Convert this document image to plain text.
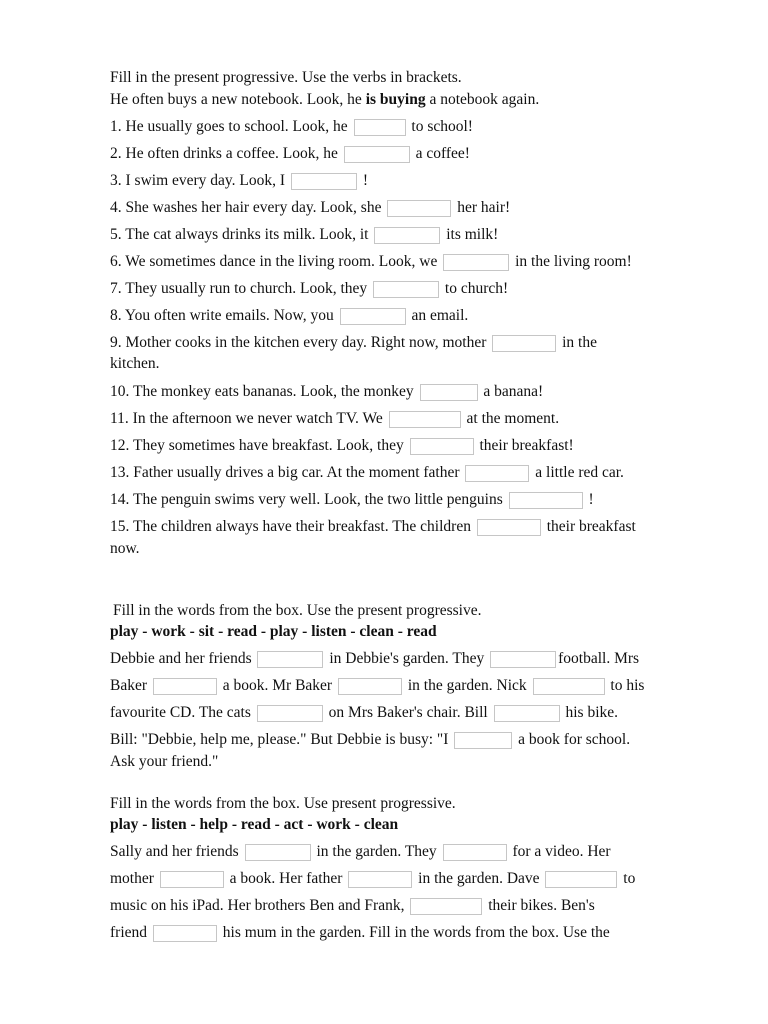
Fill in the present progressive. Use the verbs in brackets.
He often buys a new notebook. Look, he is buying a notebook again.
1. He usually goes to school. Look, he	to school!
2. He often drinks a coffee. Look, he	a coffee!
3. I swim every day. Look, I	!
4. She washes her hair every day. Look, she	her hair!
5. The cat always drinks its milk. Look, it	its milk!
6. We sometimes dance in the living room. Look, we	in the living room!
7. They usually run to church. Look, they	to church!
8. You often write emails. Now, you	an email.
9. Mother cooks in the kitchen every day. Right now, mother	in the
kitchen.
10. The monkey eats bananas. Look, the monkey	a banana!
11. In the afternoon we never watch TV. We	at the moment.
12. They sometimes have breakfast. Look, they	their breakfast!
13. Father usually drives a big car. At the moment father	a little red car.
14. The penguin swims very well. Look, the two little penguins	!
15. The children always have their breakfast. The children	their breakfast
now.
Fill in the words from the box. Use the present progressive.
play - work - sit - read - play - listen - clean - read
Debbie and her friends	in Debbie's garden. They	football. Mrs
Baker	a book. Mr Baker	in the garden. Nick	to his
favourite CD. The cats	on Mrs Baker's chair. Bill	his bike.
Bill: "Debbie, help me, please." But Debbie is busy: "I	a book for school.
Ask your friend."
Fill in the words from the box. Use present progressive.
play - listen - help - read - act - work - clean
Sally and her friends	in the garden. They	for a video. Her
mother	a book. Her father	in the garden. Dave	to
music on his iPad. Her brothers Ben and Frank,	their bikes. Ben's
friend	his mum in the garden. Fill in the words from the box. Use the
